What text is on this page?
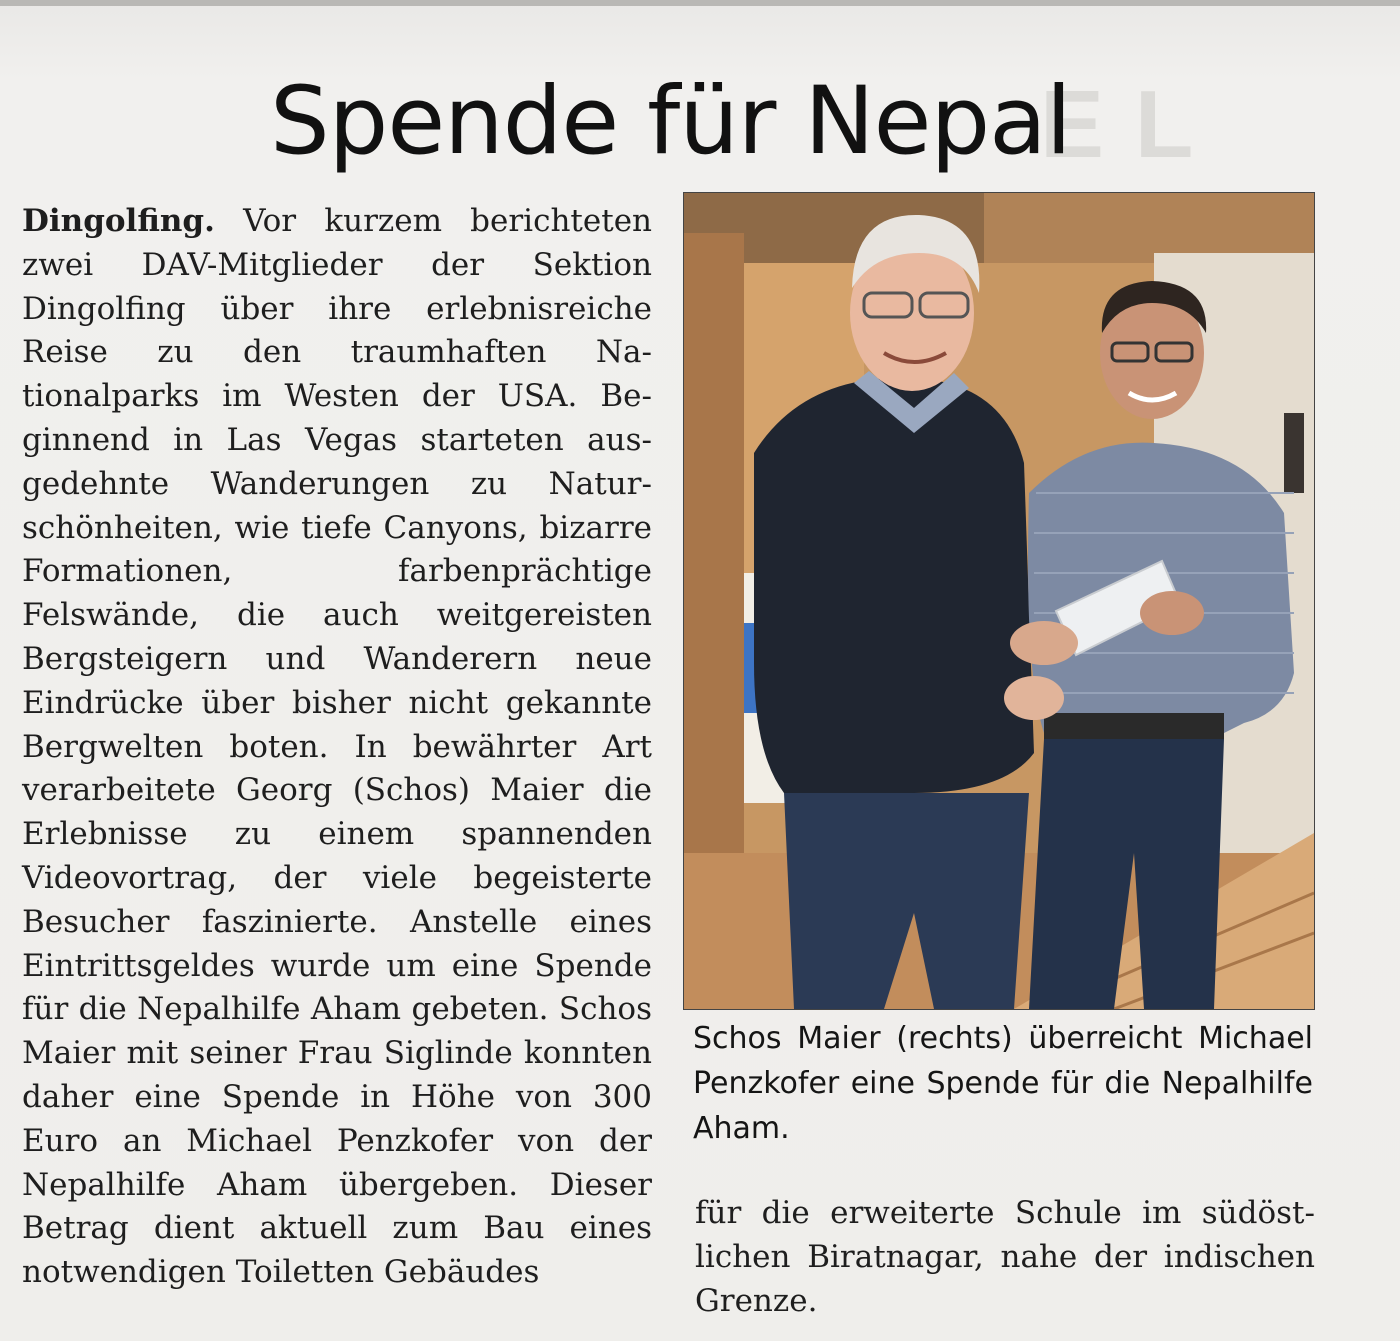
E L
Spende für Nepal

Dingolfing. Vor kurzem berichteten zwei DAV-Mitglieder der Sektion Dingolfing über ihre erlebnisreiche Reise zu den traumhaften Nationalparks im Westen der USA. Beginnend in Las Vegas starteten ausgedehnte Wanderungen zu Naturschönheiten, wie tiefe Canyons, bizarre Formationen, farbenprächtige Felswände, die auch weitgereisten Bergsteigern und Wanderern neue Eindrücke über bisher nicht gekannte Bergwelten boten. In bewährter Art verarbeitete Georg (Schos) Maier die Erlebnisse zu einem spannenden Videovortrag, der viele begeisterte Besucher faszinierte. Anstelle eines Eintrittsgeldes wurde um eine Spende für die Nepalhilfe Aham gebeten. Schos Maier mit seiner Frau Siglinde konnten daher eine Spende in Höhe von 300 Euro an Michael Penzkofer von der Nepalhilfe Aham übergeben. Dieser Betrag dient aktuell zum Bau eines notwendigen Toiletten Gebäudes

Schos Maier (rechts) überreicht Michael Penzkofer eine Spende für die Nepalhilfe Aham.

für die erweiterte Schule im südöstlichen Biratnagar, nahe der indischen Grenze.
